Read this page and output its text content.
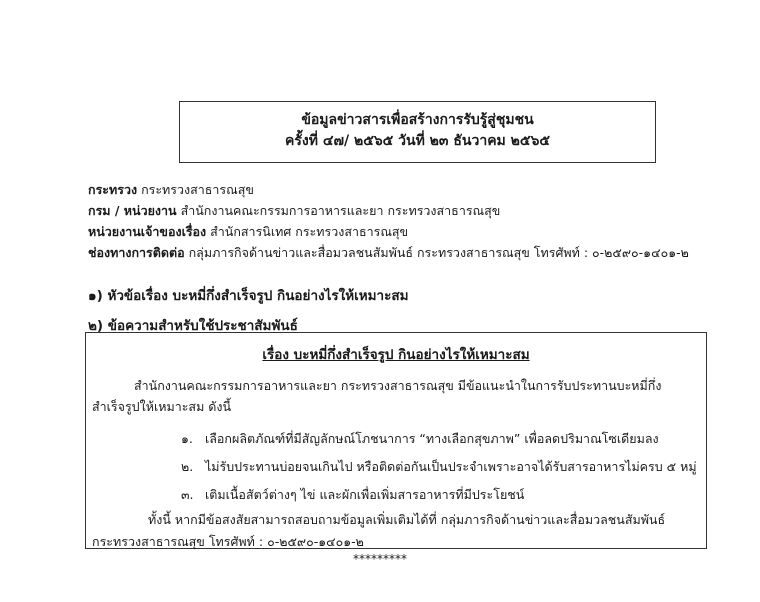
ข้อมูลข่าวสารเพื่อสร้างการรับรู้สู่ชุมชน
ครั้งที่ ๔๗/ ๒๕๖๕ วันที่ ๒๓ ธันวาคม ๒๕๖๕
กระทรวง กระทรวงสาธารณสุข
กรม / หน่วยงาน สำนักงานคณะกรรมการอาหารและยา กระทรวงสาธารณสุข
หน่วยงานเจ้าของเรื่อง สำนักสารนิเทศ กระทรวงสาธารณสุข
ช่องทางการติดต่อ กลุ่มภารกิจด้านข่าวและสื่อมวลชนสัมพันธ์ กระทรวงสาธารณสุข โทรศัพท์ : ๐-๒๕๙๐-๑๔๐๑-๒
๑) หัวข้อเรื่อง บะหมี่กึ่งสำเร็จรูป กินอย่างไรให้เหมาะสม
๒) ข้อความสำหรับใช้ประชาสัมพันธ์
เรื่อง บะหมี่กึ่งสำเร็จรูป กินอย่างไรให้เหมาะสม
สำนักงานคณะกรรมการอาหารและยา กระทรวงสาธารณสุข มีข้อแนะนำในการรับประทานบะหมี่กึ่งสำเร็จรูปให้เหมาะสม ดังนี้
๑. เลือกผลิตภัณฑ์ที่มีสัญลักษณ์โภชนาการ “ทางเลือกสุขภาพ” เพื่อลดปริมาณโซเดียมลง
๒. ไม่รับประทานบ่อยจนเกินไป หรือติดต่อกันเป็นประจำเพราะอาจได้รับสารอาหารไม่ครบ ๕ หมู่
๓. เติมเนื้อสัตว์ต่างๆ ไข่ และผักเพื่อเพิ่มสารอาหารที่มีประโยชน์
ทั้งนี้ หากมีข้อสงสัยสามารถสอบถามข้อมูลเพิ่มเติมได้ที่ กลุ่มภารกิจด้านข่าวและสื่อมวลชนสัมพันธ์ กระทรวงสาธารณสุข โทรศัพท์ : ๐-๒๕๙๐-๑๔๐๑-๒
*********
